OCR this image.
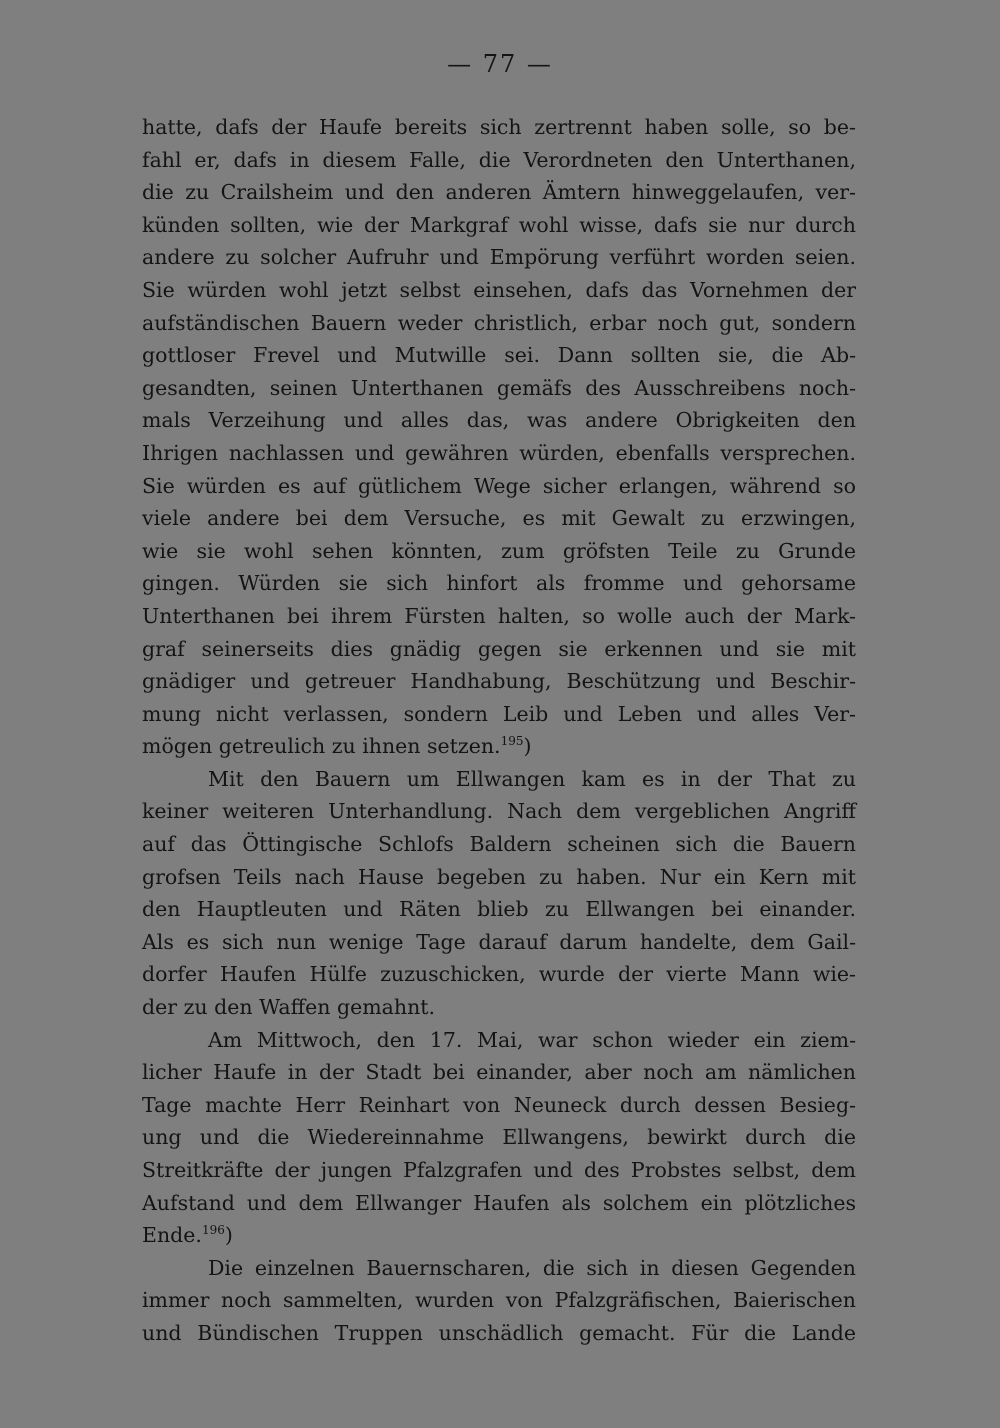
— 77 —
hatte, dafs der Haufe bereits sich zertrennt haben solle, so be-
fahl er, dafs in diesem Falle, die Verordneten den Unterthanen,
die zu Crailsheim und den anderen Ämtern hinweggelaufen, ver-
künden sollten, wie der Markgraf wohl wisse, dafs sie nur durch
andere zu solcher Aufruhr und Empörung verführt worden seien.
Sie würden wohl jetzt selbst einsehen, dafs das Vornehmen der
aufständischen Bauern weder christlich, erbar noch gut, sondern
gottloser Frevel und Mutwille sei. Dann sollten sie, die Ab-
gesandten, seinen Unterthanen gemäfs des Ausschreibens noch-
mals Verzeihung und alles das, was andere Obrigkeiten den
Ihrigen nachlassen und gewähren würden, ebenfalls versprechen.
Sie würden es auf gütlichem Wege sicher erlangen, während so
viele andere bei dem Versuche, es mit Gewalt zu erzwingen,
wie sie wohl sehen könnten, zum gröfsten Teile zu Grunde
gingen. Würden sie sich hinfort als fromme und gehorsame
Unterthanen bei ihrem Fürsten halten, so wolle auch der Mark-
graf seinerseits dies gnädig gegen sie erkennen und sie mit
gnädiger und getreuer Handhabung, Beschützung und Beschir-
mung nicht verlassen, sondern Leib und Leben und alles Ver-
mögen getreulich zu ihnen setzen.$^{195}$)
Mit den Bauern um Ellwangen kam es in der That zu
keiner weiteren Unterhandlung. Nach dem vergeblichen Angriff
auf das Öttingische Schlofs Baldern scheinen sich die Bauern
grofsen Teils nach Hause begeben zu haben. Nur ein Kern mit
den Hauptleuten und Räten blieb zu Ellwangen bei einander.
Als es sich nun wenige Tage darauf darum handelte, dem Gail-
dorfer Haufen Hülfe zuzuschicken, wurde der vierte Mann wie-
der zu den Waffen gemahnt.
Am Mittwoch, den 17. Mai, war schon wieder ein ziem-
licher Haufe in der Stadt bei einander, aber noch am nämlichen
Tage machte Herr Reinhart von Neuneck durch dessen Besieg-
ung und die Wiedereinnahme Ellwangens, bewirkt durch die
Streitkräfte der jungen Pfalzgrafen und des Probstes selbst, dem
Aufstand und dem Ellwanger Haufen als solchem ein plötzliches
Ende.$^{196}$)
Die einzelnen Bauernscharen, die sich in diesen Gegenden
immer noch sammelten, wurden von Pfalzgräfischen, Baierischen
und Bündischen Truppen unschädlich gemacht. Für die Lande
